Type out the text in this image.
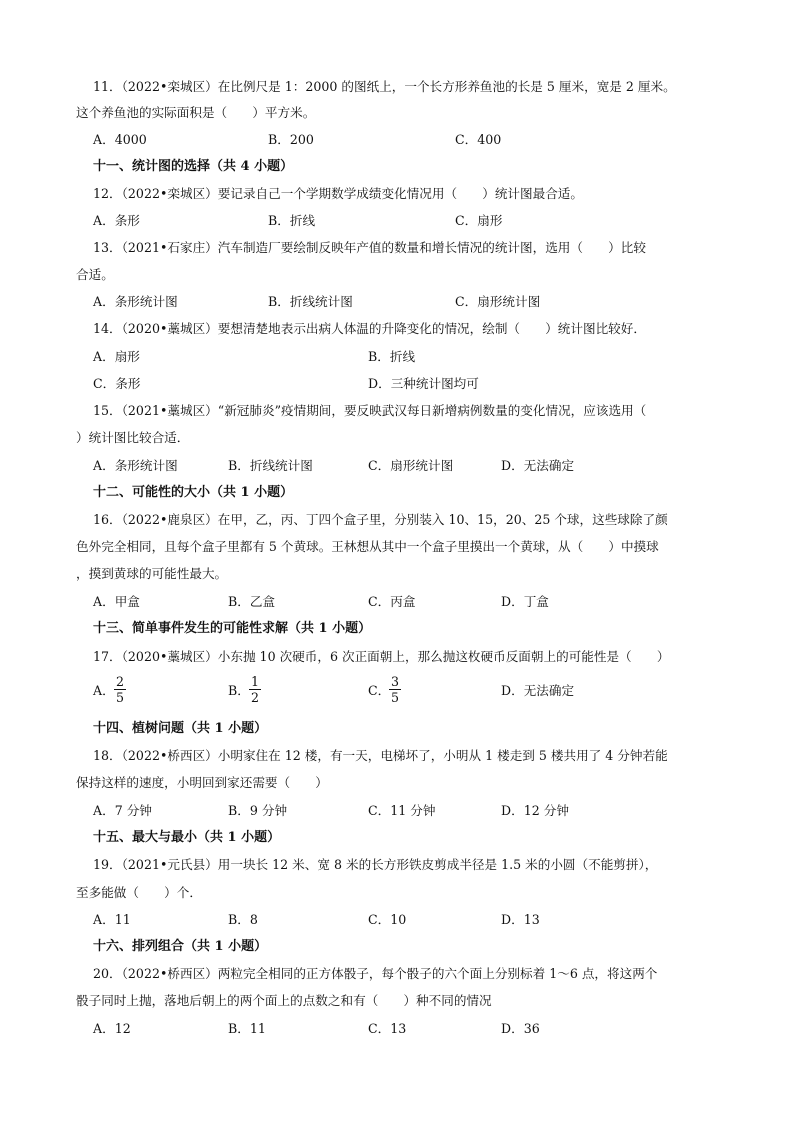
11．（2022•栾城区）在比例尺是 1：2000 的图纸上，一个长方形养鱼池的长是 5 厘米，宽是 2 厘米。
这个养鱼池的实际面积是（　　）平方米。
A．4000	B．200	C．400
十一、统计图的选择（共 4 小题）
12．（2022•栾城区）要记录自己一个学期数学成绩变化情况用（　　）统计图最合适。
A．条形	B．折线	C．扇形
13．（2021•石家庄）汽车制造厂要绘制反映年产值的数量和增长情况的统计图，选用（　　）比较
合适。
A．条形统计图	B．折线统计图	C．扇形统计图
14．（2020•藁城区）要想清楚地表示出病人体温的升降变化的情况，绘制（　　）统计图比较好．
A．扇形	B．折线
C．条形	D．三种统计图均可
15．（2021•藁城区）“新冠肺炎”疫情期间，要反映武汉每日新增病例数量的变化情况，应该选用（
）统计图比较合适．
A．条形统计图	B．折线统计图	C．扇形统计图	D．无法确定
十二、可能性的大小（共 1 小题）
16．（2022•鹿泉区）在甲，乙，丙、丁四个盒子里，分别装入 10、15，20、25 个球，这些球除了颜
色外完全相同，且每个盒子里都有 5 个黄球。王林想从其中一个盒子里摸出一个黄球，从（　　）中摸球
，摸到黄球的可能性最大。
A．甲盒	B．乙盒	C．丙盒	D．丁盒
十三、简单事件发生的可能性求解（共 1 小题）
17．（2020•藁城区）小东抛 10 次硬币，6 次正面朝上，那么抛这枚硬币反面朝上的可能性是（　　）
A．
2
5	B．
1
2	C．
3
5	D．无法确定
十四、植树问题（共 1 小题）
18．（2022•桥西区）小明家住在 12 楼，有一天，电梯坏了，小明从 1 楼走到 5 楼共用了 4 分钟若能
保持这样的速度，小明回到家还需要（　　）
A．7 分钟	B．9 分钟	C．11 分钟	D．12 分钟
十五、最大与最小（共 1 小题）
19．（2021•元氏县）用一块长 12 米、宽 8 米的长方形铁皮剪成半径是 1.5 米的小圆（不能剪拼），
至多能做（　　）个．
A．11	B．8	C．10	D．13
十六、排列组合（共 1 小题）
20．（2022•桥西区）两粒完全相同的正方体骰子，每个骰子的六个面上分别标着 1～6 点，将这两个
骰子同时上抛，落地后朝上的两个面上的点数之和有（　　）种不同的情况
A．12	B．11	C．13	D．36
